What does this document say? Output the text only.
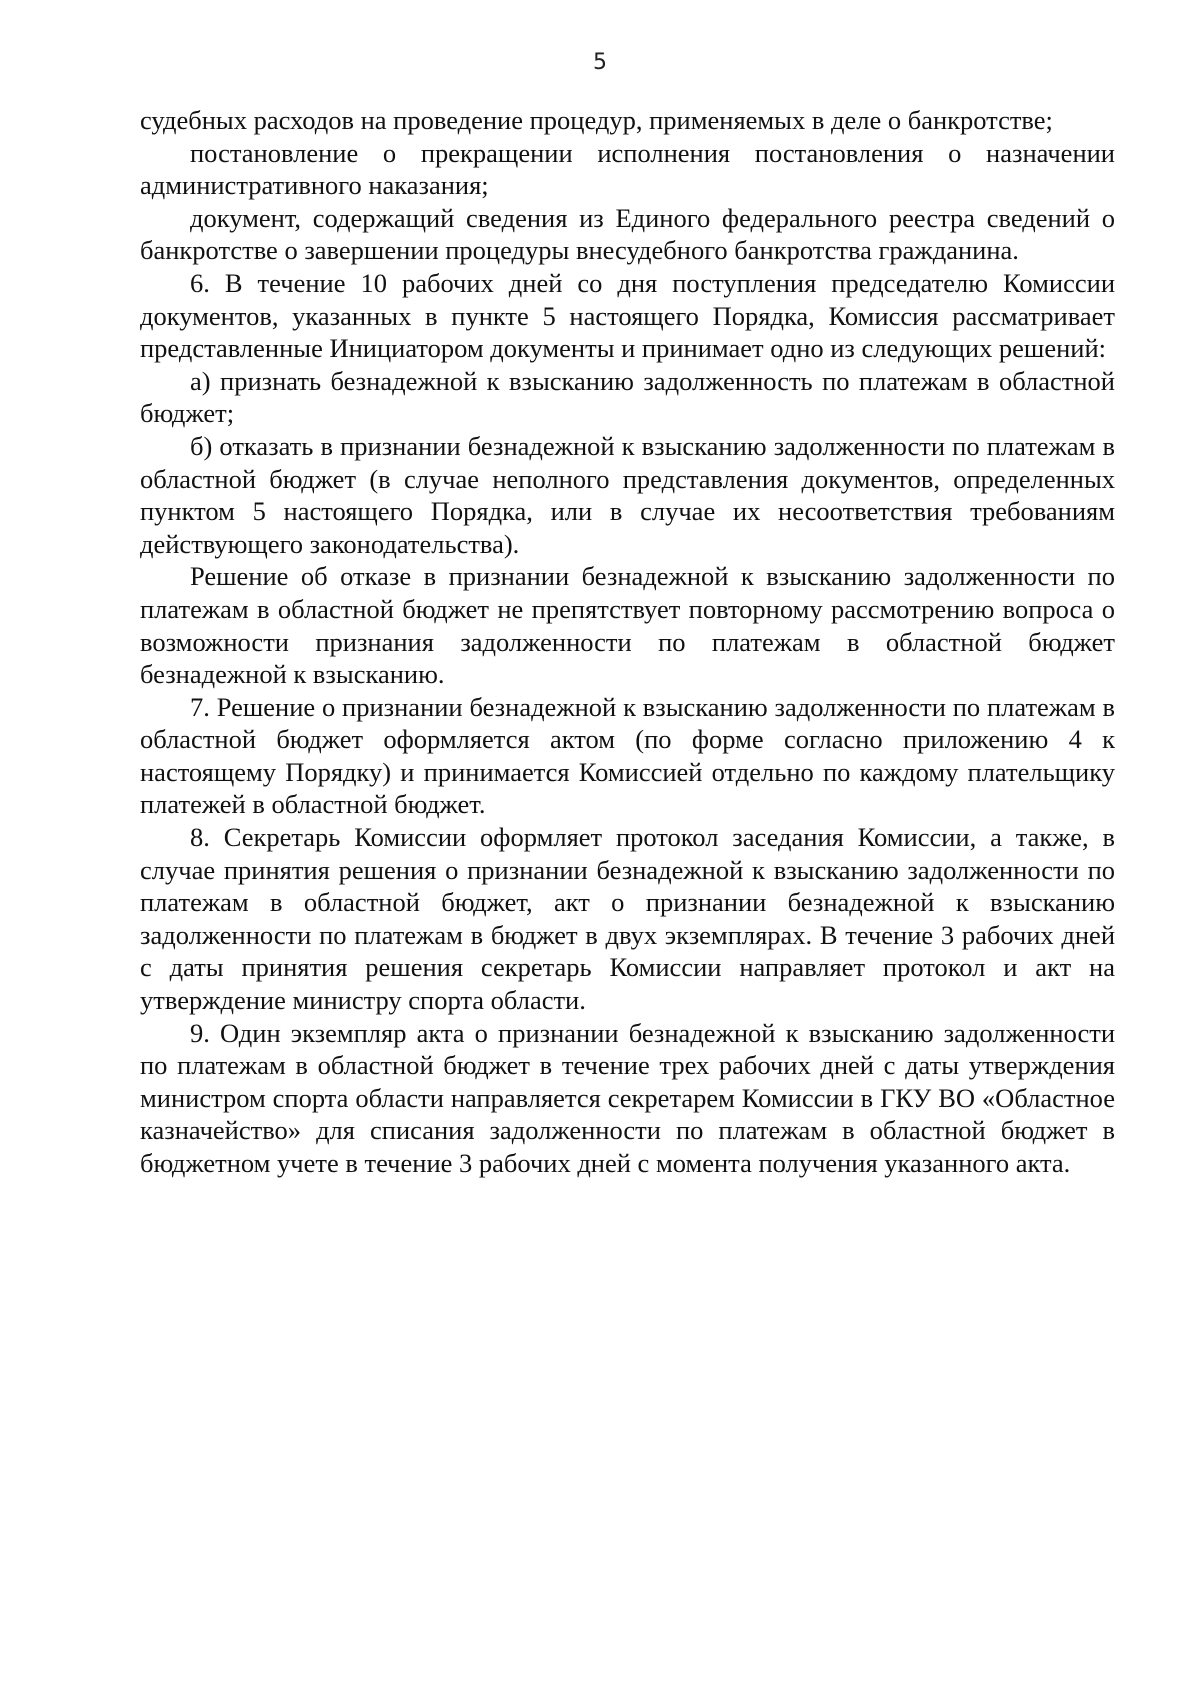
5

судебных расходов на проведение процедур, применяемых в деле о банкротстве;

постановление о прекращении исполнения постановления о назначении административного наказания;

документ, содержащий сведения из Единого федерального реестра сведений о банкротстве о завершении процедуры внесудебного банкротства гражданина.

6. В течение 10 рабочих дней со дня поступления председателю Комиссии документов, указанных в пункте 5 настоящего Порядка, Комиссия рассматривает представленные Инициатором документы и принимает одно из следующих решений:

а) признать безнадежной к взысканию задолженность по платежам в областной бюджет;

б) отказать в признании безнадежной к взысканию задолженности по платежам в областной бюджет (в случае неполного представления документов, определенных пунктом 5 настоящего Порядка, или в случае их несоответствия требованиям действующего законодательства).

Решение об отказе в признании безнадежной к взысканию задолженности по платежам в областной бюджет не препятствует повторному рассмотрению вопроса о возможности признания задолженности по платежам в областной бюджет безнадежной к взысканию.

7. Решение о признании безнадежной к взысканию задолженности по платежам в областной бюджет оформляется актом (по форме согласно приложению 4 к настоящему Порядку) и принимается Комиссией отдельно по каждому плательщику платежей в областной бюджет.

8. Секретарь Комиссии оформляет протокол заседания Комиссии, а также, в случае принятия решения о признании безнадежной к взысканию задолженности по платежам в областной бюджет, акт о признании безнадежной к взысканию задолженности по платежам в бюджет в двух экземплярах. В течение 3 рабочих дней с даты принятия решения секретарь Комиссии направляет протокол и акт на утверждение министру спорта области.

9. Один экземпляр акта о признании безнадежной к взысканию задолженности по платежам в областной бюджет в течение трех рабочих дней с даты утверждения министром спорта области направляется секретарем Комиссии в ГКУ ВО «Областное казначейство» для списания задолженности по платежам в областной бюджет в бюджетном учете в течение 3 рабочих дней с момента получения указанного акта.
